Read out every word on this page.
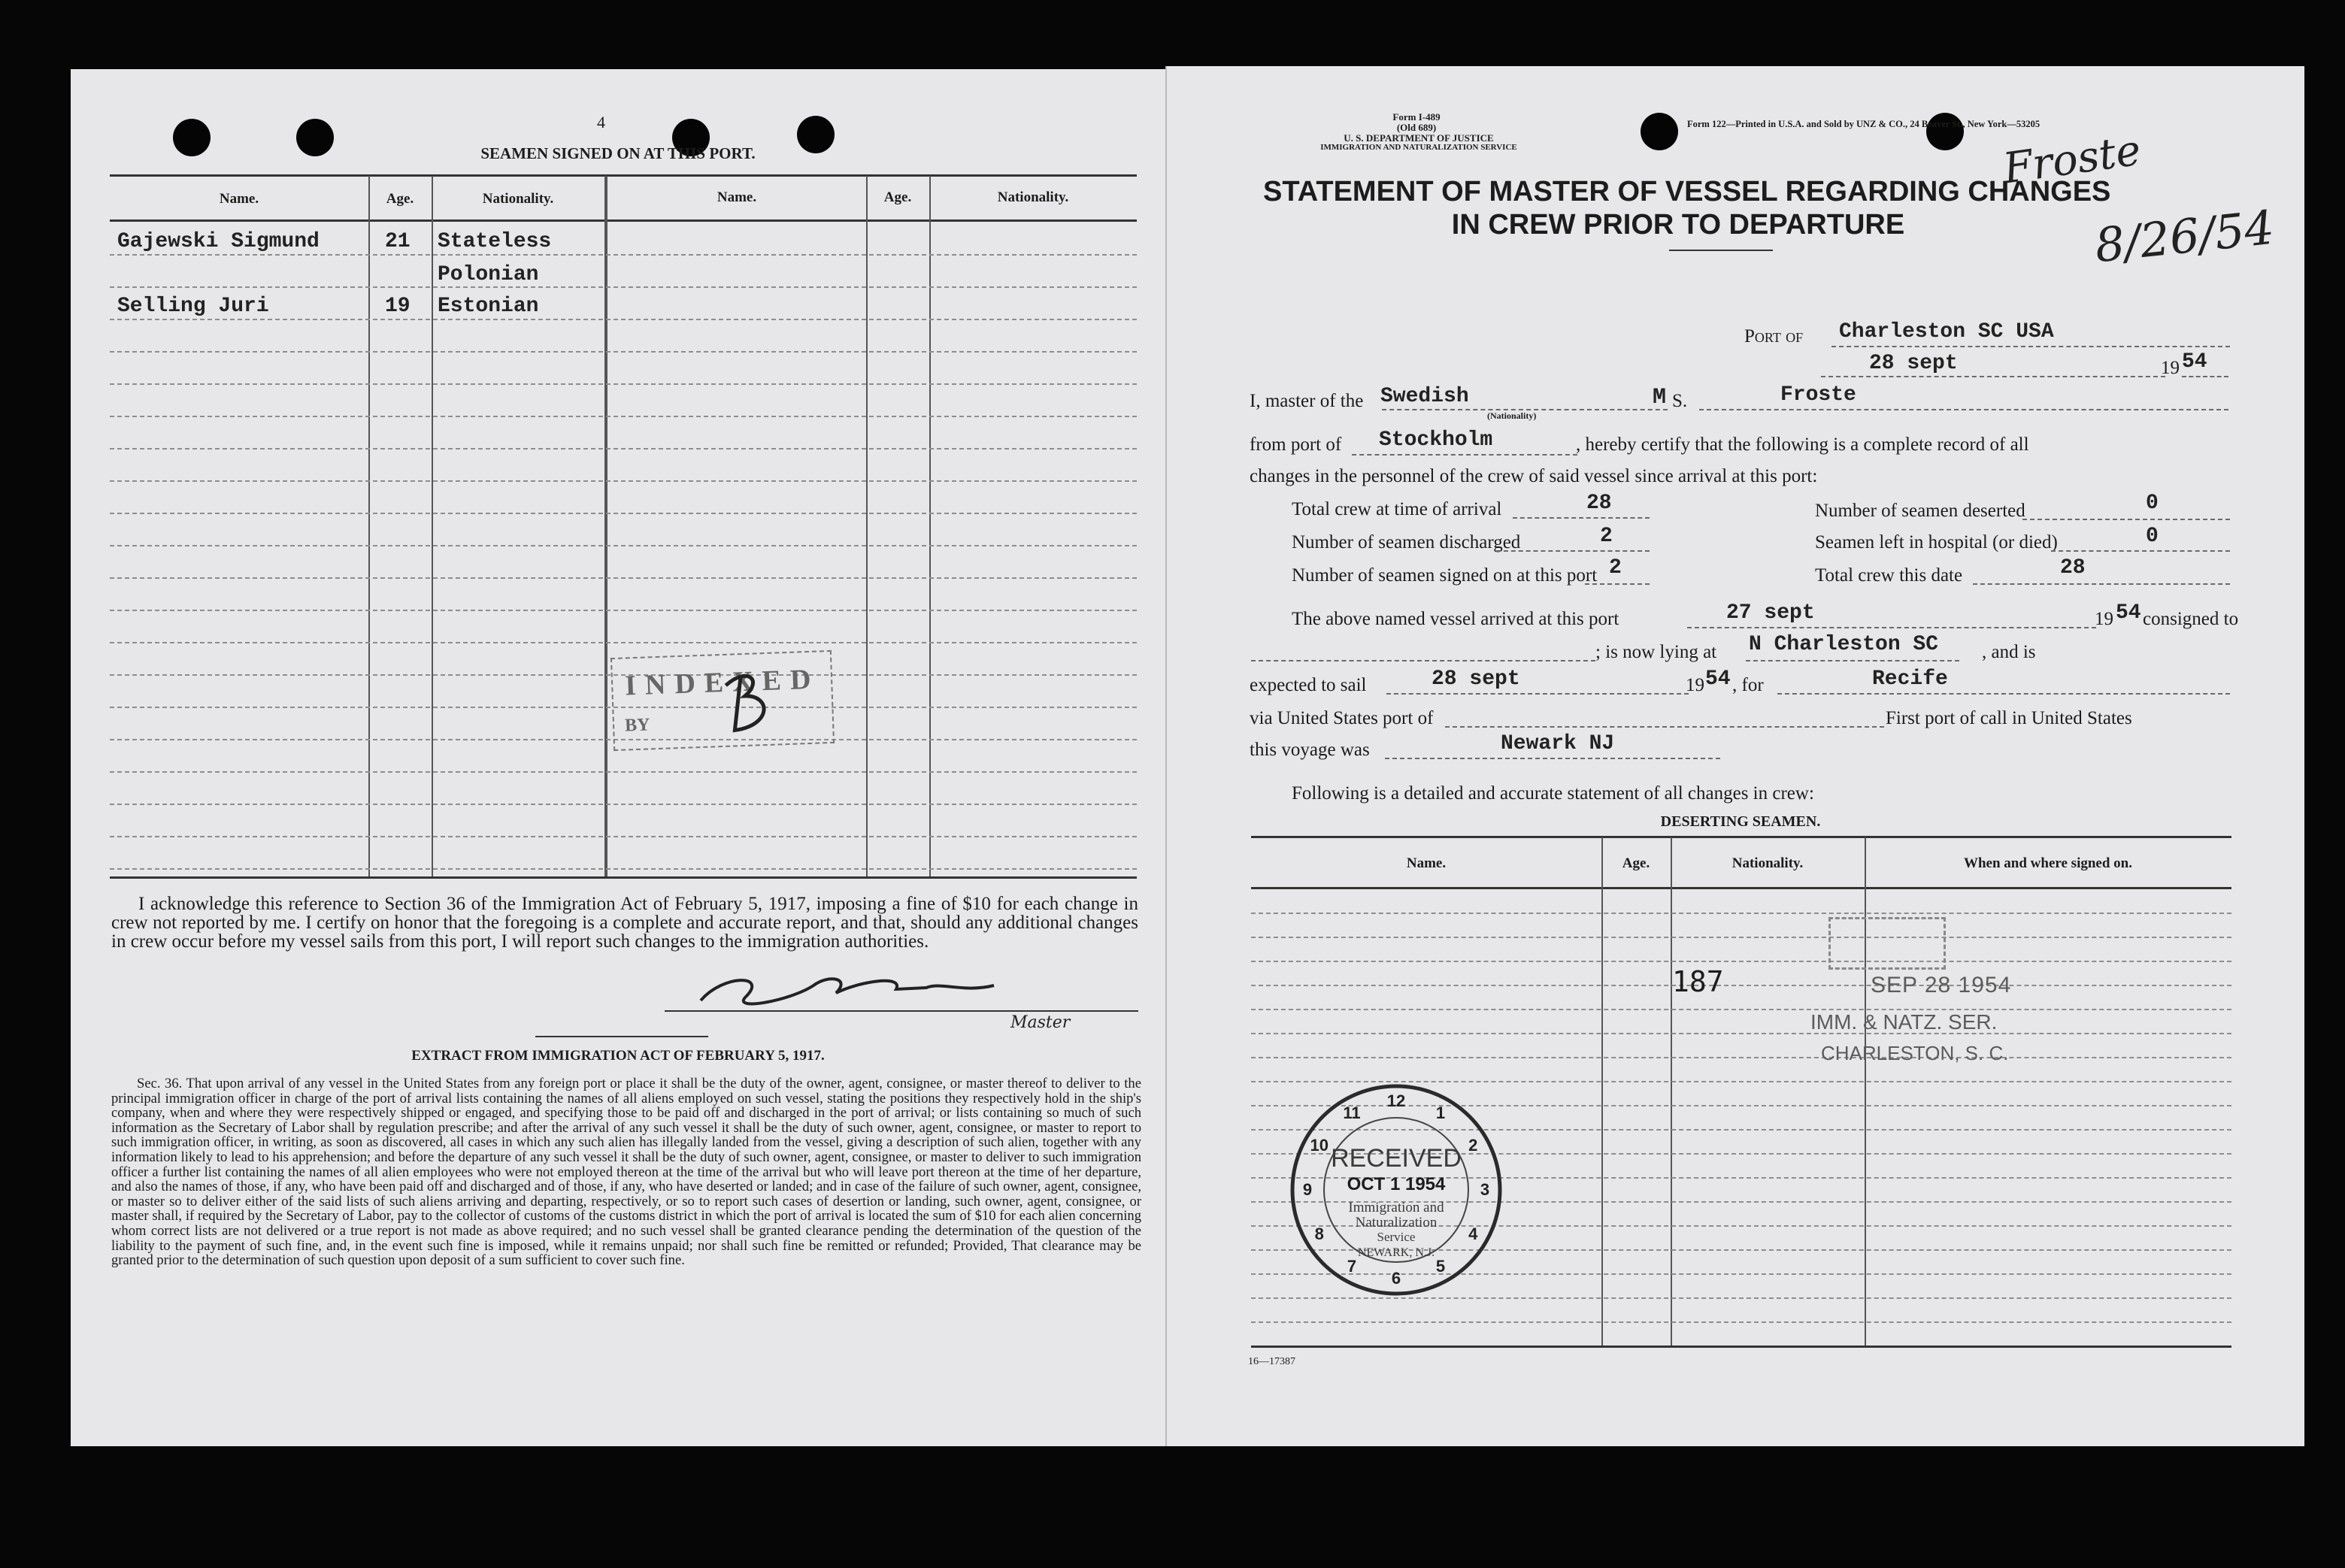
4
SEAMEN SIGNED ON AT THIS PORT.
Name.	Age.	Nationality.	Name.	Age.	Nationality.
Gajewski Sigmund	21 Stateless
Polonian
Selling Juri	19 Estonian
INDEXED
BY
I acknowledge this reference to Section 36 of the Immigration Act of February 5, 1917, imposing a fine of $10 for each change in crew not reported by me. I certify on honor that the foregoing is a complete and accurate report, and that, should any additional changes in crew occur before my vessel sails from this port, I will report such changes to the immigration authorities.
Master
EXTRACT FROM IMMIGRATION ACT OF FEBRUARY 5, 1917.
Sec. 36. That upon arrival of any vessel in the United States from any foreign port or place it shall be the duty of the owner, agent, consignee, or master thereof to deliver to the principal immigration officer in charge of the port of arrival lists containing the names of all aliens employed on such vessel, stating the positions they respectively hold in the ship's company, when and where they were respectively shipped or engaged, and specifying those to be paid off and discharged in the port of arrival; or lists containing so much of such information as the Secretary of Labor shall by regulation prescribe; and after the arrival of any such vessel it shall be the duty of such owner, agent, consignee, or master to report to such immigration officer, in writing, as soon as discovered, all cases in which any such alien has illegally landed from the vessel, giving a description of such alien, together with any information likely to lead to his apprehension; and before the departure of any such vessel it shall be the duty of such owner, agent, consignee, or master to deliver to such immigration officer a further list containing the names of all alien employees who were not employed thereon at the time of the arrival but who will leave port thereon at the time of her departure, and also the names of those, if any, who have been paid off and discharged and of those, if any, who have deserted or landed; and in case of the failure of such owner, agent, consignee, or master so to deliver either of the said lists of such aliens arriving and departing, respectively, or so to report such cases of desertion or landing, such owner, agent, consignee, or master shall, if required by the Secretary of Labor, pay to the collector of customs of the customs district in which the port of arrival is located the sum of $10 for each alien concerning whom correct lists are not delivered or a true report is not made as above required; and no such vessel shall be granted clearance pending the determination of the question of the liability to the payment of such fine, and, in the event such fine is imposed, while it remains unpaid; nor shall such fine be remitted or refunded; Provided, That clearance may be granted prior to the determination of such question upon deposit of a sum sufficient to cover such fine.
Form I-489
(Old 689)
U. S. DEPARTMENT OF JUSTICE
IMMIGRATION AND NATURALIZATION SERVICE
Form 122—Printed in U.S.A. and Sold by UNZ & CO., 24 Beaver St., New York—53205
Froste
8/26/54
STATEMENT OF MASTER OF VESSEL REGARDING CHANGES
IN CREW PRIOR TO DEPARTURE
Port of Charleston SC USA
28 sept	19 54
I, master of the Swedish
(Nationality)
M S.	Froste
from port of Stockholm	, hereby certify that the following is a complete record of all
changes in the personnel of the crew of said vessel since arrival at this port:
Total crew at time of arrival	28	Number of seamen deserted	0
Number of seamen discharged	2	Seamen left in hospital (or died)	0
Number of seamen signed on at this port 2	Total crew this date	28
The above named vessel arrived at this port	27 sept	19 54 consigned to
; is now lying at N Charleston SC , and is
expected to sail	28 sept	19 54 , for	Recife
via United States port of	First port of call in United States
this voyage was	Newark NJ
Following is a detailed and accurate statement of all changes in crew:
DESERTING SEAMEN.
Name.	Age.	Nationality.	When and where signed on.
187	SEP 28 1954
IMM. & NATZ. SER.
CHARLESTON, S. C.
1
2
3
4
5
6
7
8
9
10
11
12
RECEIVED
OCT 1 1954
Immigration and
Naturalization
Service
NEWARK, N.J.
16—17387
